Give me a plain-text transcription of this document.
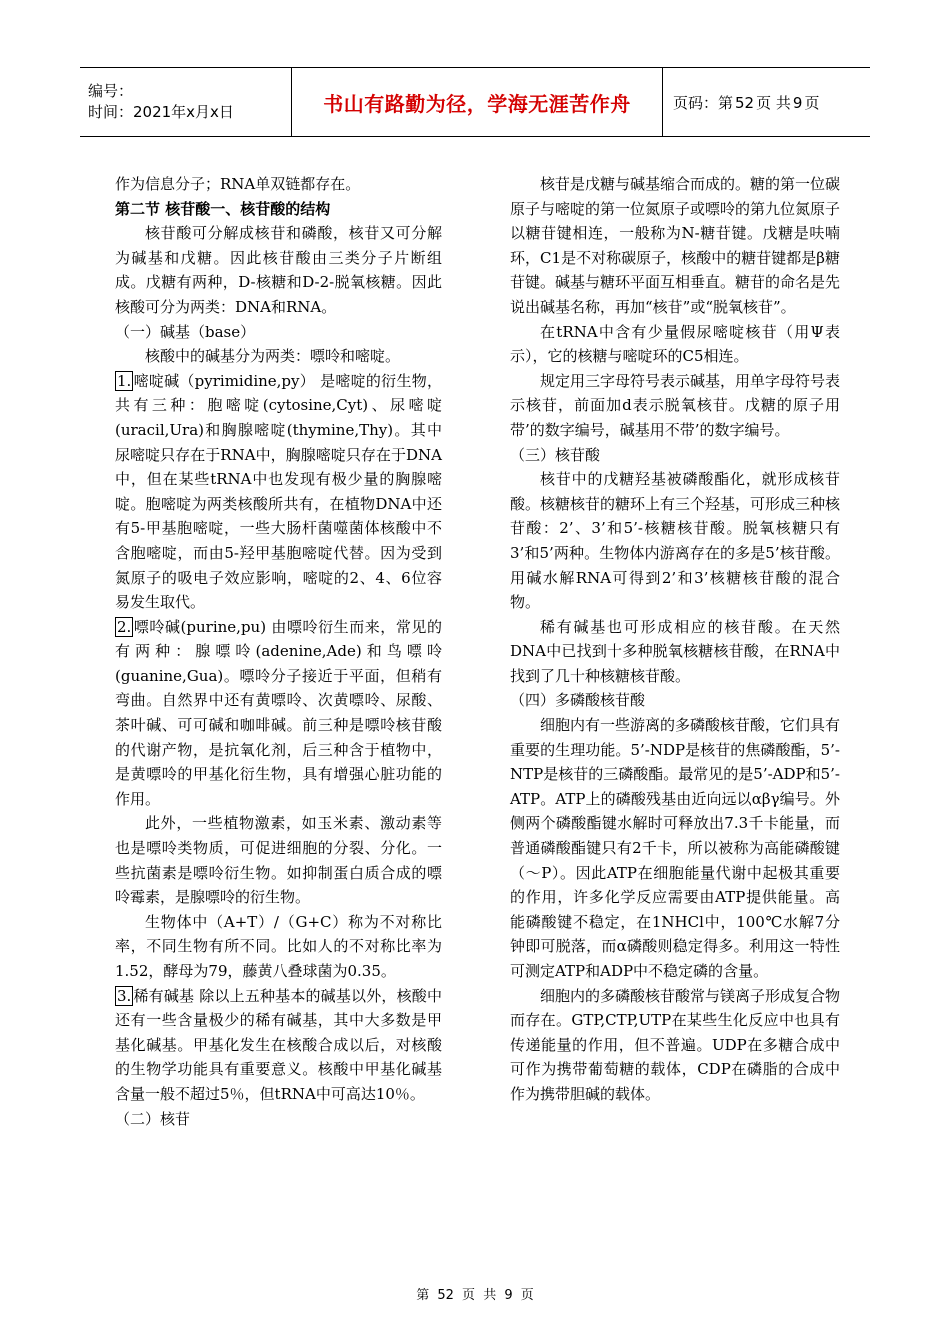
编号：
时间：2021年x月x日	书山有路勤为径，学海无涯苦作舟	页码：第 52 页 共 9 页

作为信息分子；RNA单双链都存在。

第二节 核苷酸一、核苷酸的结构

核苷酸可分解成核苷和磷酸，核苷又可分解为碱基和戊糖。因此核苷酸由三类分子片断组成。戊糖有两种，D-核糖和D-2-脱氧核糖。因此核酸可分为两类：DNA和RNA。

（一）碱基（base）

核酸中的碱基分为两类：嘌呤和嘧啶。

1. 嘧啶碱（pyrimidine,py） 是嘧啶的衍生物，共有三种：胞嘧啶(cytosine,Cyt)、尿嘧啶(uracil,Ura)和胸腺嘧啶(thymine,Thy)。其中尿嘧啶只存在于RNA中，胸腺嘧啶只存在于DNA中，但在某些tRNA中也发现有极少量的胸腺嘧啶。胞嘧啶为两类核酸所共有，在植物DNA中还有5-甲基胞嘧啶，一些大肠杆菌噬菌体核酸中不含胞嘧啶，而由5-羟甲基胞嘧啶代替。因为受到氮原子的吸电子效应影响，嘧啶的2、4、6位容易发生取代。

2. 嘌呤碱(purine,pu) 由嘌呤衍生而来，常见的有两种：腺嘌呤(adenine,Ade)和鸟嘌呤(guanine,Gua)。嘌呤分子接近于平面，但稍有弯曲。自然界中还有黄嘌呤、次黄嘌呤、尿酸、茶叶碱、可可碱和咖啡碱。前三种是嘌呤核苷酸的代谢产物，是抗氧化剂，后三种含于植物中，是黄嘌呤的甲基化衍生物，具有增强心脏功能的作用。

此外，一些植物激素，如玉米素、激动素等也是嘌呤类物质，可促进细胞的分裂、分化。一些抗菌素是嘌呤衍生物。如抑制蛋白质合成的嘌呤霉素，是腺嘌呤的衍生物。

生物体中（A+T）/（G+C）称为不对称比率，不同生物有所不同。比如人的不对称比率为1.52，酵母为79，藤黄八叠球菌为0.35。

3. 稀有碱基 除以上五种基本的碱基以外，核酸中还有一些含量极少的稀有碱基，其中大多数是甲基化碱基。甲基化发生在核酸合成以后，对核酸的生物学功能具有重要意义。核酸中甲基化碱基含量一般不超过5％，但tRNA中可高达10％。

（二）核苷

核苷是戊糖与碱基缩合而成的。糖的第一位碳原子与嘧啶的第一位氮原子或嘌呤的第九位氮原子以糖苷键相连，一般称为N-糖苷键。戊糖是呋喃环，C1是不对称碳原子，核酸中的糖苷键都是β糖苷键。碱基与糖环平面互相垂直。糖苷的命名是先说出碱基名称，再加“核苷”或“脱氧核苷”。

在tRNA中含有少量假尿嘧啶核苷（用Ψ表示），它的核糖与嘧啶环的C5相连。

规定用三字母符号表示碱基，用单字母符号表示核苷，前面加d表示脱氧核苷。戊糖的原子用带’的数字编号，碱基用不带’的数字编号。

（三）核苷酸

核苷中的戊糖羟基被磷酸酯化，就形成核苷酸。核糖核苷的糖环上有三个羟基，可形成三种核苷酸：2’、3’和5’-核糖核苷酸。脱氧核糖只有3’和5’两种。生物体内游离存在的多是5’核苷酸。用碱水解RNA可得到2’和3’核糖核苷酸的混合物。

稀有碱基也可形成相应的核苷酸。在天然DNA中已找到十多种脱氧核糖核苷酸，在RNA中找到了几十种核糖核苷酸。

（四）多磷酸核苷酸

细胞内有一些游离的多磷酸核苷酸，它们具有重要的生理功能。5’-NDP是核苷的焦磷酸酯，5’-NTP是核苷的三磷酸酯。最常见的是5’-ADP和5’-ATP。ATP上的磷酸残基由近向远以αβγ编号。外侧两个磷酸酯键水解时可释放出7.3千卡能量，而普通磷酸酯键只有2千卡，所以被称为高能磷酸键（～P）。因此ATP在细胞能量代谢中起极其重要的作用，许多化学反应需要由ATP提供能量。高能磷酸键不稳定，在1NHCl中，100℃水解7分钟即可脱落，而α磷酸则稳定得多。利用这一特性可测定ATP和ADP中不稳定磷的含量。

细胞内的多磷酸核苷酸常与镁离子形成复合物而存在。GTP,CTP,UTP在某些生化反应中也具有传递能量的作用，但不普遍。UDP在多糖合成中可作为携带葡萄糖的载体，CDP在磷脂的合成中作为携带胆碱的载体。

第 52 页 共 9 页
